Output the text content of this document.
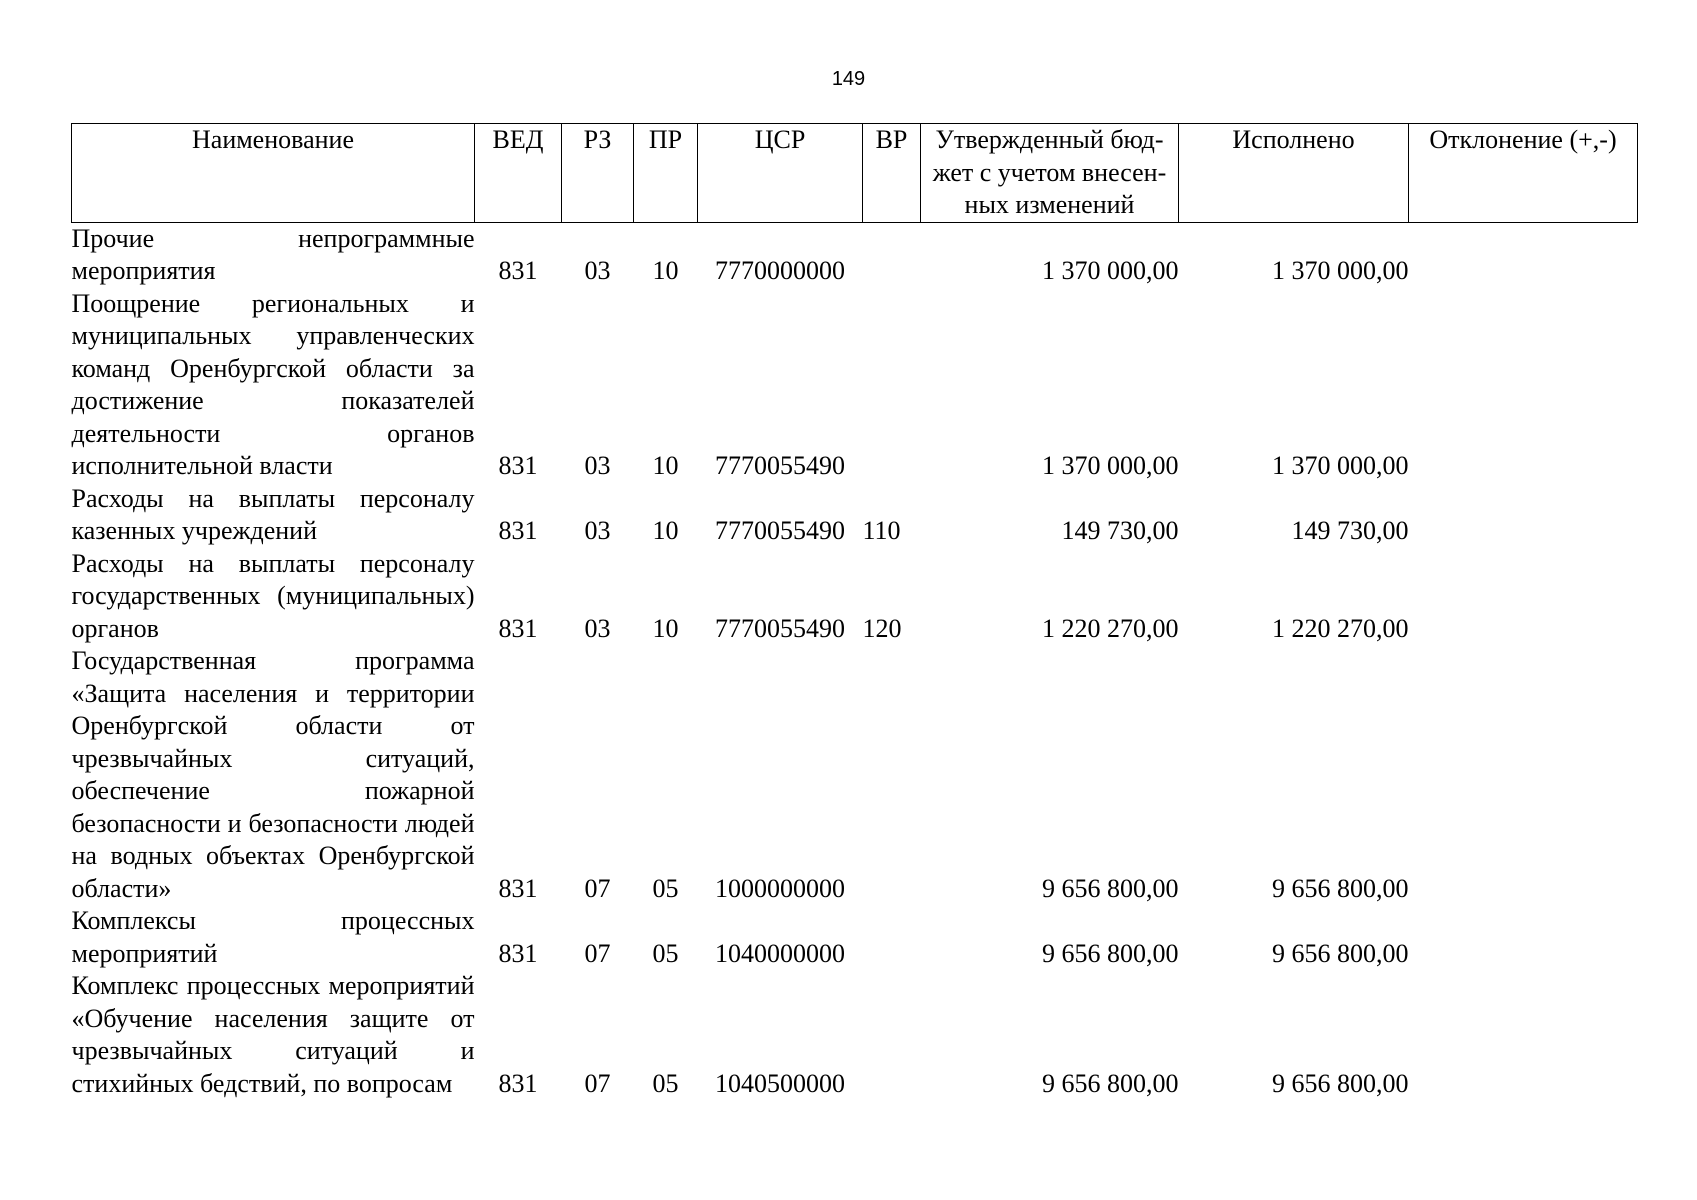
149
Наименование	ВЕД	РЗ	ПР	ЦСР	ВР	Утвержденный бюд-жет с учетом внесен-ных изменений	Исполнено	Отклонение (+,-)
Прочие непрограммные мероприятия	831	03	10	7770000000		1 370 000,00	1 370 000,00	
Поощрение региональных и муниципальных управленческих команд Оренбургской области за достижение показателей деятельности органов исполнительной власти	831	03	10	7770055490		1 370 000,00	1 370 000,00	
Расходы на выплаты персоналу казенных учреждений	831	03	10	7770055490	110	149 730,00	149 730,00	
Расходы на выплаты персоналу государственных (муниципальных) органов	831	03	10	7770055490	120	1 220 270,00	1 220 270,00	
Государственная программа «Защита населения и территории Оренбургской области от чрезвычайных ситуаций, обеспечение пожарной безопасности и безопасности людей на водных объектах Оренбургской области»	831	07	05	1000000000		9 656 800,00	9 656 800,00	
Комплексы процессных мероприятий	831	07	05	1040000000		9 656 800,00	9 656 800,00	
Комплекс процессных мероприятий «Обучение населения защите от чрезвычайных ситуаций и стихийных бедствий, по вопросам	831	07	05	1040500000		9 656 800,00	9 656 800,00	
